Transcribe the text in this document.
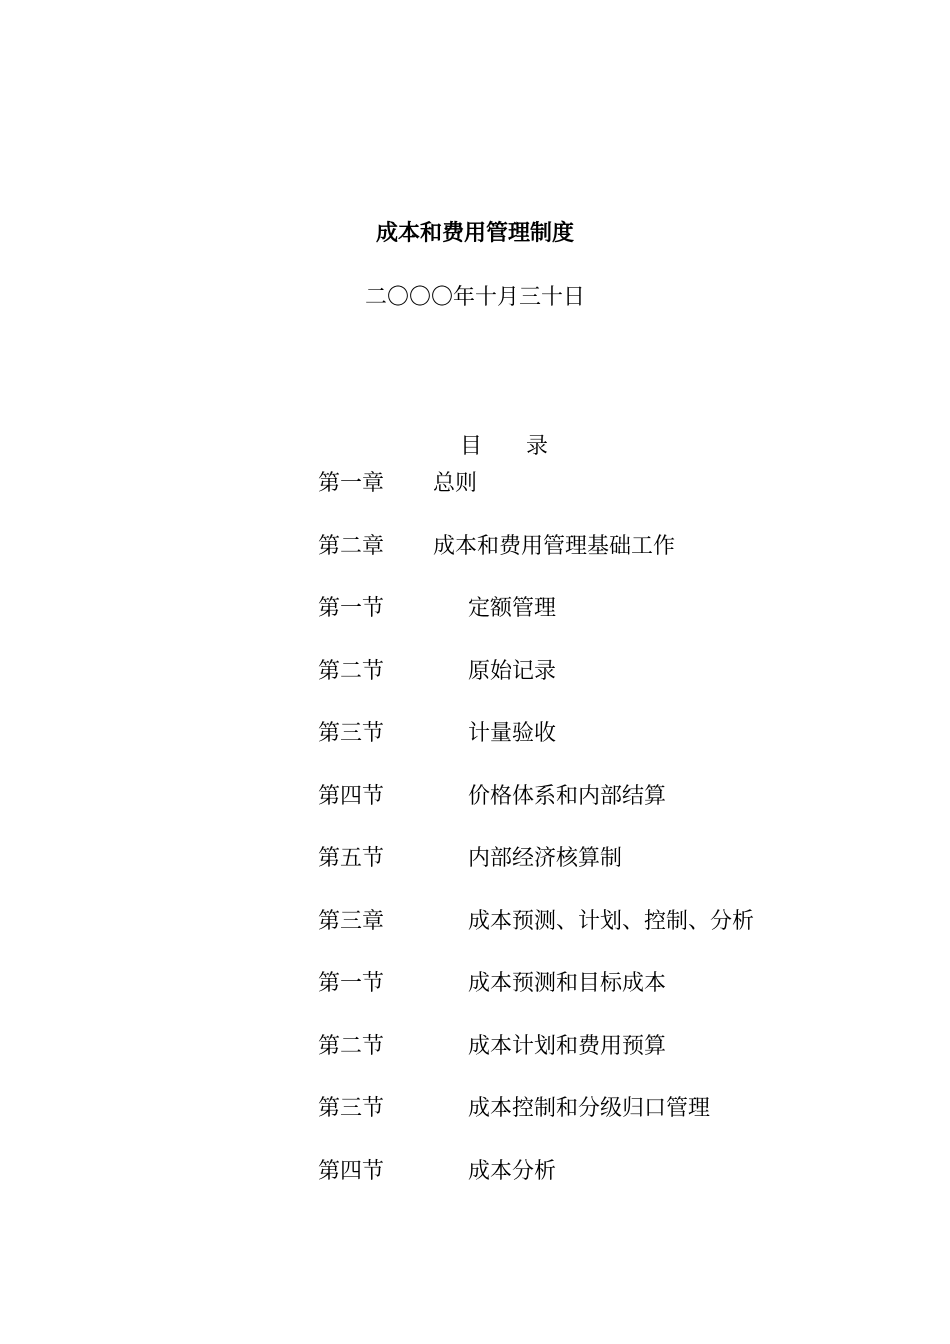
成本和费用管理制度
二〇〇〇年十月三十日

目 录

第一章 总则
第二章 成本和费用管理基础工作
第一节	定额管理
第二节	原始记录
第三节	计量验收
第四节	价格体系和内部结算
第五节	内部经济核算制
第三章	成本预测、计划、控制、分析
第一节	成本预测和目标成本
第二节	成本计划和费用预算
第三节	成本控制和分级归口管理
第四节	成本分析
